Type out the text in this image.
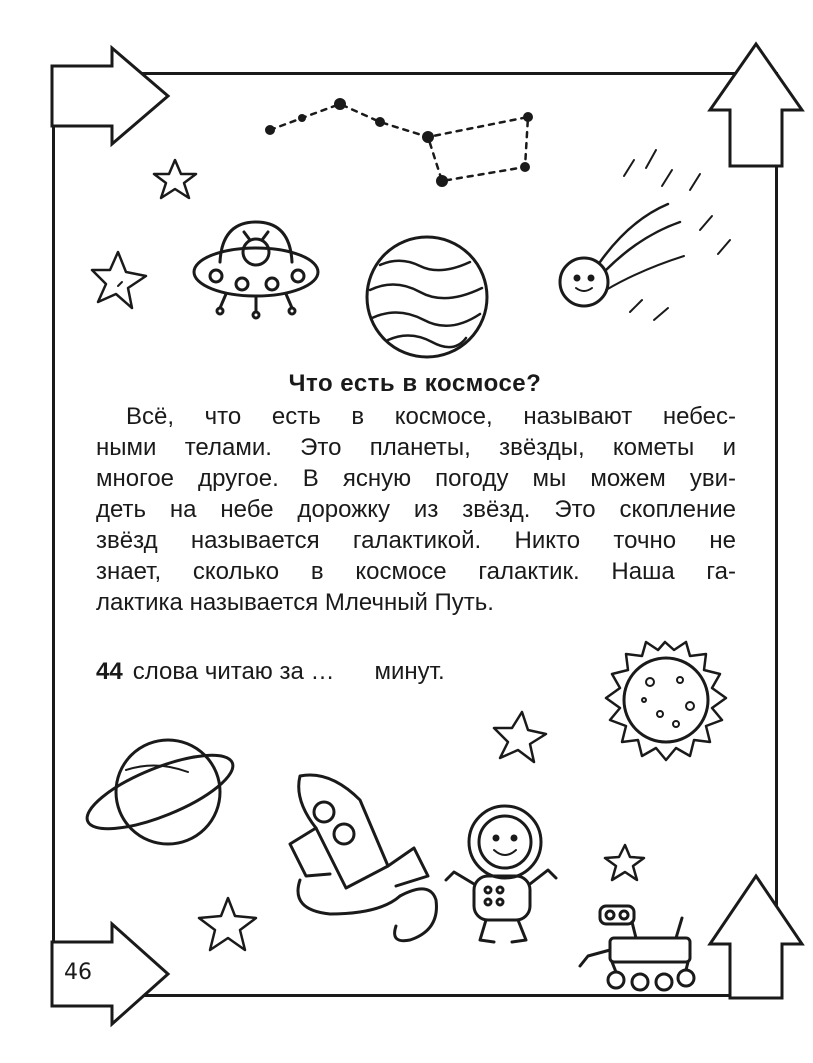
Что есть в космосе?
Всё, что есть в космосе, называют небес-
ными телами. Это планеты, звёзды, кометы и
многое другое. В ясную погоду мы можем уви-
деть на небе дорожку из звёзд. Это скопление
звёзд называется галактикой. Никто точно не
знает, сколько в космосе галактик. Наша га-
лактика называется Млечный Путь.
44 слова читаю за … минут.
46
